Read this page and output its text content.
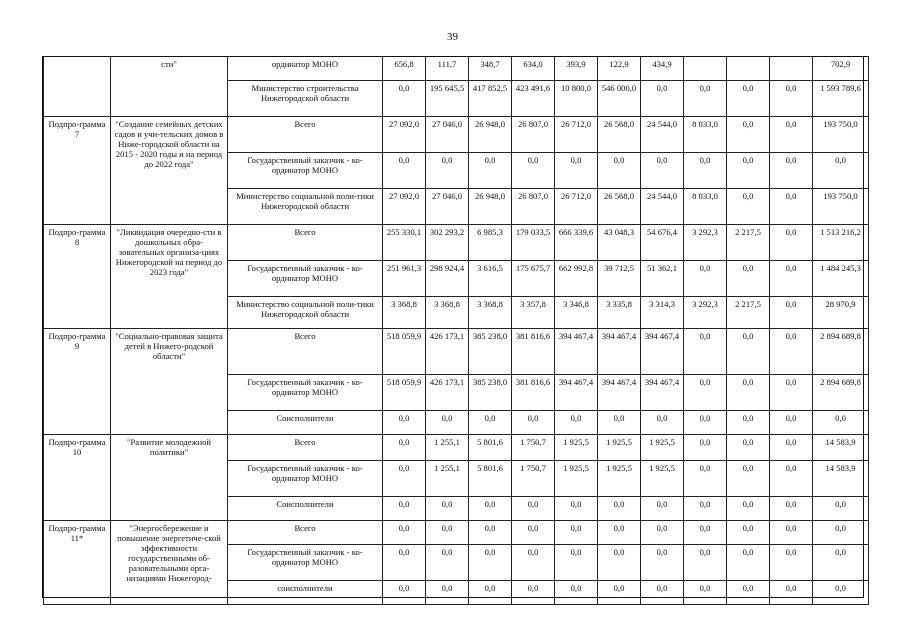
39
	сти"	ординатор МОНО	656,8	111,7	348,7	634,0	393,9	122,9	434,9				702,9
		Министерство строительства Нижегородской области	0,0	195 645,5	417 852,5	423 491,6	10 800,0	546 000,0	0,0	0,0	0,0	0,0	1 593 789,6
Подпро-грамма 7	"Создание семейных детских садов и учи-тельских домов в Ниже-городской области на 2015 - 2020 годы и на период до 2022 года"	Всего	27 092,0	27 046,0	26 948,0	26 807,0	26 712,0	26 568,0	24 544,0	8 033,0	0,0	0,0	193 750,0
		Государственный заказчик - ко-ординатор МОНО	0,0	0,0	0,0	0,0	0,0	0,0	0,0	0,0	0,0	0,0	0,0
		Министерство социальной поли-тики Нижегородской области	27 092,0	27 046,0	26 948,0	26 807,0	26 712,0	26 568,0	24 544,0	8 033,0	0,0	0,0	193 750,0
Подпро-грамма 8	"Ликвидация очередно-сти в дошкольных обра-зовательных организа-циях Нижегородской на период до 2023 года"	Всего	255 330,1	302 293,2	6 985,3	179 033,5	666 339,6	43 048,3	54 676,4	3 292,3	2 217,5	0,0	1 513 216,2
		Государственный заказчик - ко-ординатор МОНО	251 961,3	298 924,4	3 616,5	175 675,7	662 992,8	39 712,5	51 362,1	0,0	0,0	0,0	1 484 245,3
		Министерство социальной поли-тики Нижегородской области	3 368,8	3 368,8	3 368,8	3 357,8	3 346,8	3 335,8	3 314,3	3 292,3	2 217,5	0,0	28 970,9
Подпро-грамма 9	"Социально-правовая защита детей в Нижего-родской области"	Всего	518 059,9	426 173,1	385 238,0	381 816,6	394 467,4	394 467,4	394 467,4	0,0	0,0	0,0	2 894 689,8
		Государственный заказчик - ко-ординатор МОНО	518 059,9	426 173,1	385 238,0	381 816,6	394 467,4	394 467,4	394 467,4	0,0	0,0	0,0	2 894 689,8
		Соисполнители	0,0	0,0	0,0	0,0	0,0	0,0	0,0	0,0	0,0	0,0	0,0
Подпро-грамма 10	"Развитие молодежной политики"	Всего	0,0	1 255,1	5 801,6	1 750,7	1 925,5	1 925,5	1 925,5	0,0	0,0	0,0	14 583,9
		Государственный заказчик - ко-ординатор МОНО	0,0	1 255,1	5 801,6	1 750,7	1 925,5	1 925,5	1 925,5	0,0	0,0	0,0	14 583,9
		Соисполнители	0,0	0,0	0,0	0,0	0,0	0,0	0,0	0,0	0,0	0,0	0,0
Подпро-грамма 11*	"Энергосбережение и повышение энергетиче-ской эффективности государственными об-разовательными орга-низациями Нижегород-	Всего	0,0	0,0	0,0	0,0	0,0	0,0	0,0	0,0	0,0	0,0	0,0
		Государственный заказчик - ко-ординатор МОНО	0,0	0,0	0,0	0,0	0,0	0,0	0,0	0,0	0,0	0,0	0,0
		соисполнители	0,0	0,0	0,0	0,0	0,0	0,0	0,0	0,0	0,0	0,0	0,0
